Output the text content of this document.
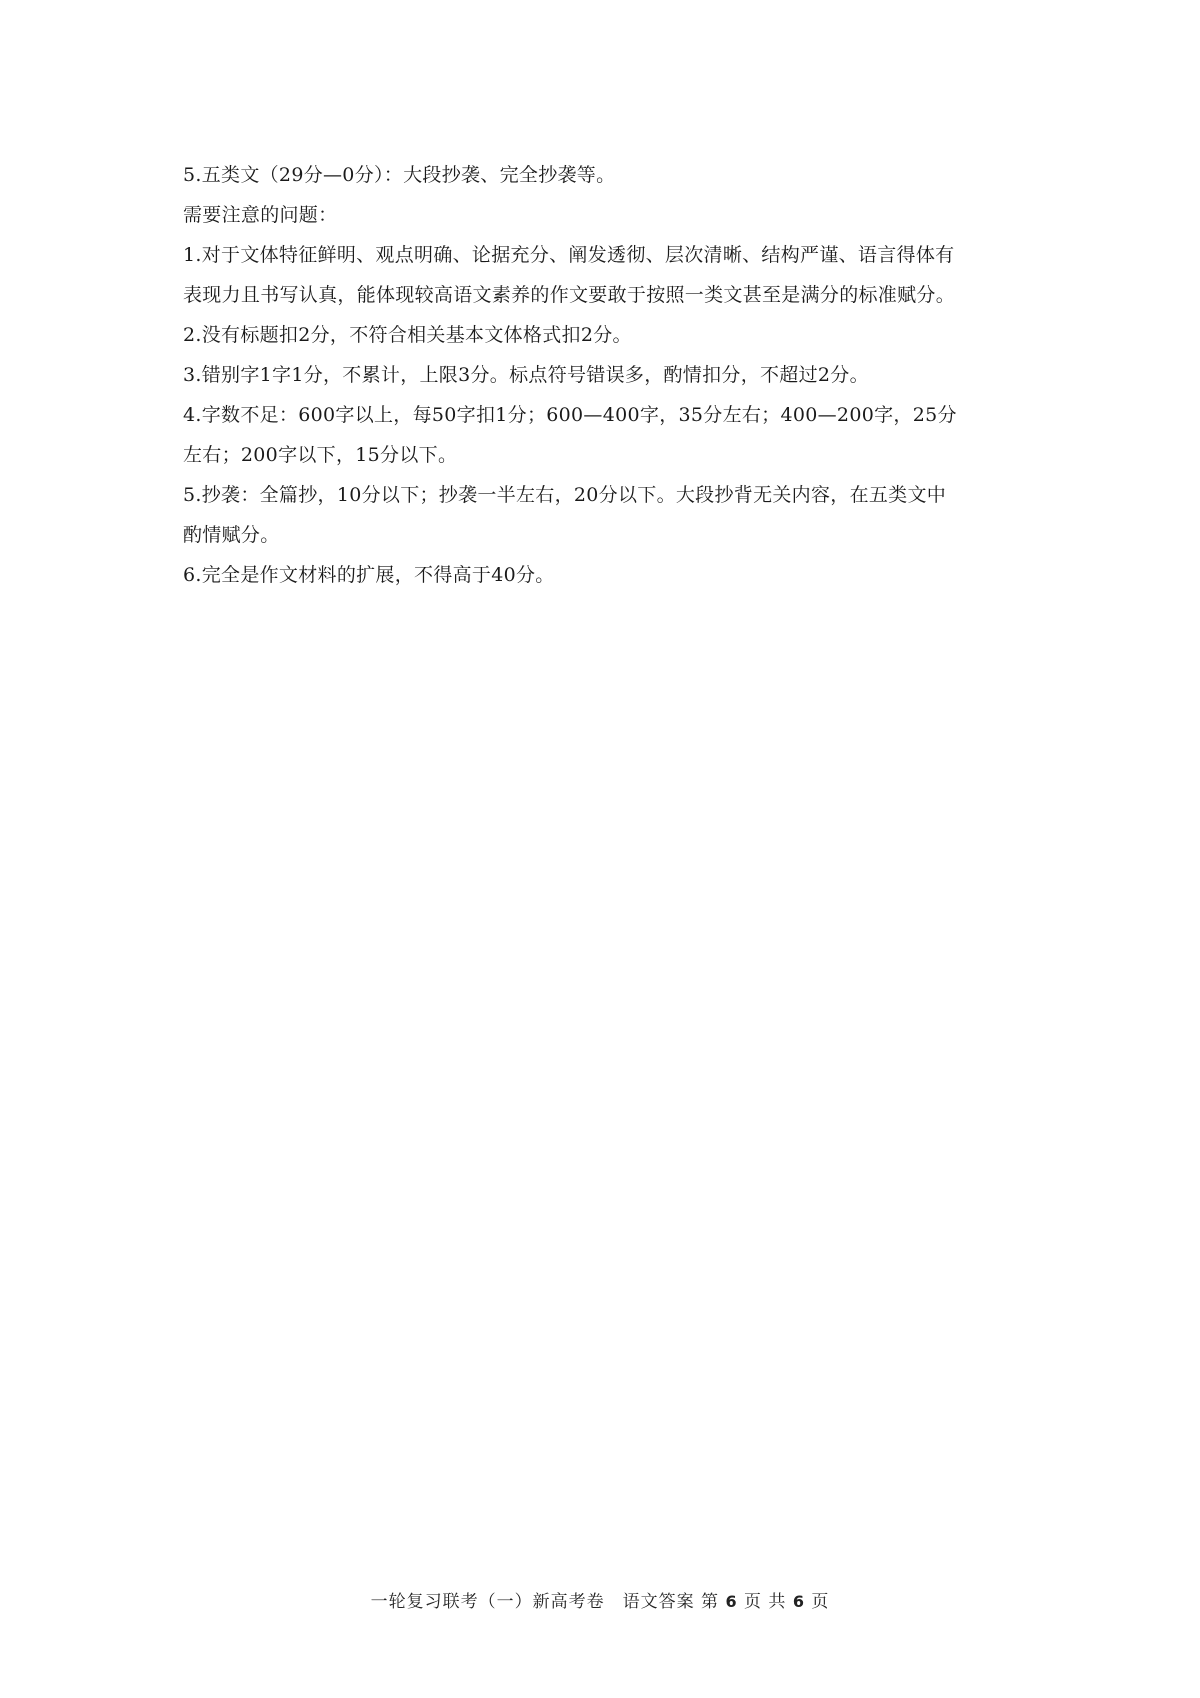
5.五类文（29分—0分）：大段抄袭、完全抄袭等。
需要注意的问题：
1.对于文体特征鲜明、观点明确、论据充分、阐发透彻、层次清晰、结构严谨、语言得体有
表现力且书写认真，能体现较高语文素养的作文要敢于按照一类文甚至是满分的标准赋分。
2.没有标题扣2分，不符合相关基本文体格式扣2分。
3.错别字1字1分，不累计，上限3分。标点符号错误多，酌情扣分，不超过2分。
4.字数不足：600字以上，每50字扣1分；600—400字，35分左右；400—200字，25分
左右；200字以下，15分以下。
5.抄袭：全篇抄，10分以下；抄袭一半左右，20分以下。大段抄背无关内容，在五类文中
酌情赋分。
6.完全是作文材料的扩展，不得高于40分。
一轮复习联考（一）新高考卷　语文答案 第 6 页 共 6 页
